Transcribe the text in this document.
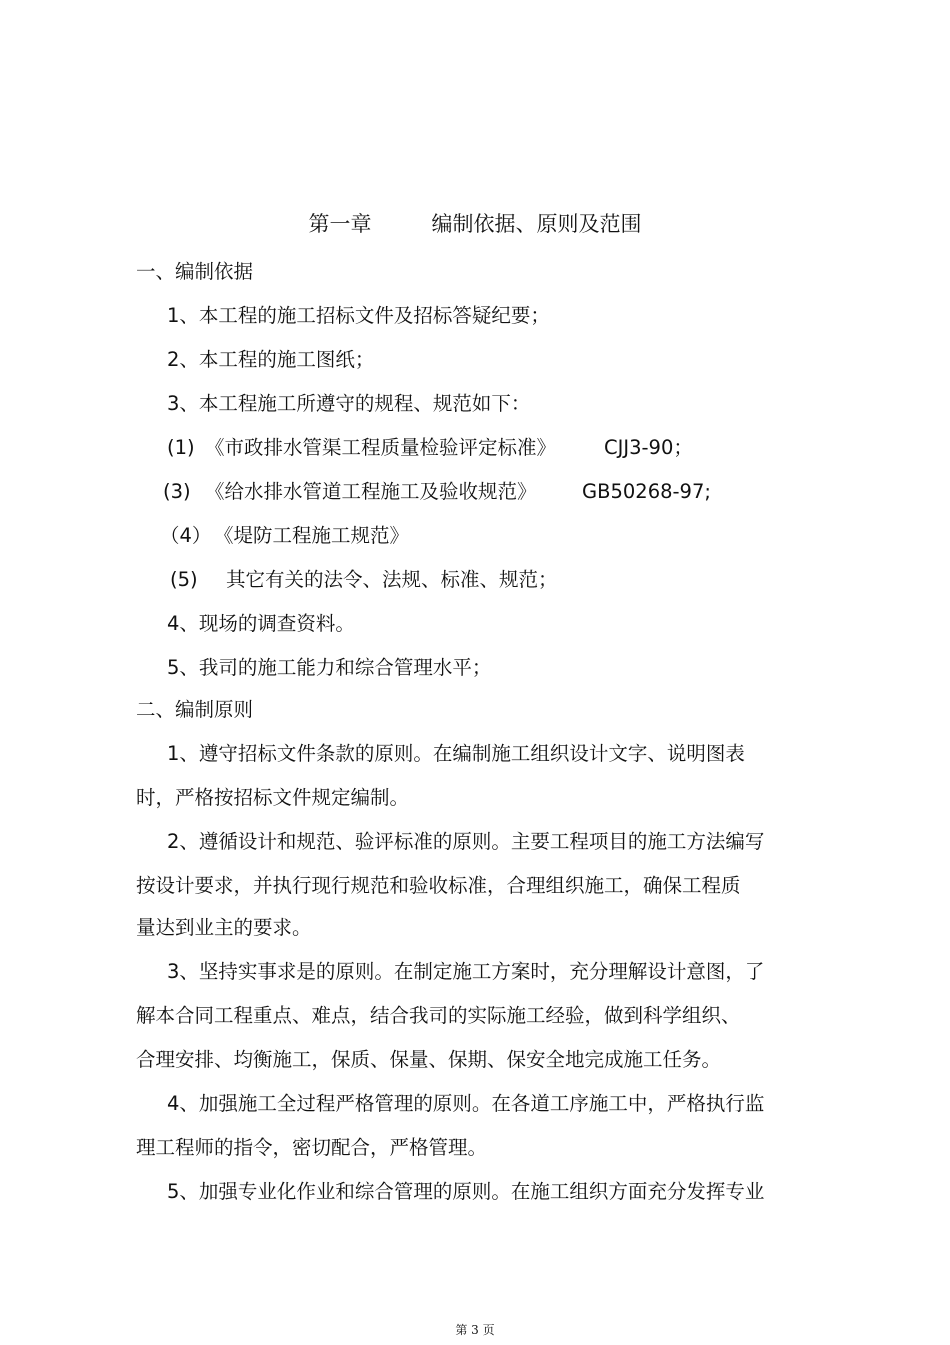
第一章	编制依据、原则及范围
一、编制依据
1、本工程的施工招标文件及招标答疑纪要；
2、本工程的施工图纸；
3、本工程施工所遵守的规程、规范如下：
(1) 《市政排水管渠工程质量检验评定标准》 CJJ3-90；
(3) 《给水排水管道工程施工及验收规范》 GB50268-97;
（4） 《堤防工程施工规范》
(5) 其它有关的法令、法规、标准、规范；
4、现场的调查资料。
5、我司的施工能力和综合管理水平；
二、编制原则
1、遵守招标文件条款的原则。在编制施工组织设计文字、说明图表
时，严格按招标文件规定编制。
2、遵循设计和规范、验评标准的原则。主要工程项目的施工方法编写
按设计要求，并执行现行规范和验收标准，合理组织施工，确保工程质
量达到业主的要求。
3、坚持实事求是的原则。在制定施工方案时，充分理解设计意图，了
解本合同工程重点、难点，结合我司的实际施工经验，做到科学组织、
合理安排、均衡施工，保质、保量、保期、保安全地完成施工任务。
4、加强施工全过程严格管理的原则。在各道工序施工中，严格执行监
理工程师的指令，密切配合，严格管理。
5、加强专业化作业和综合管理的原则。在施工组织方面充分发挥专业
第 3 页
